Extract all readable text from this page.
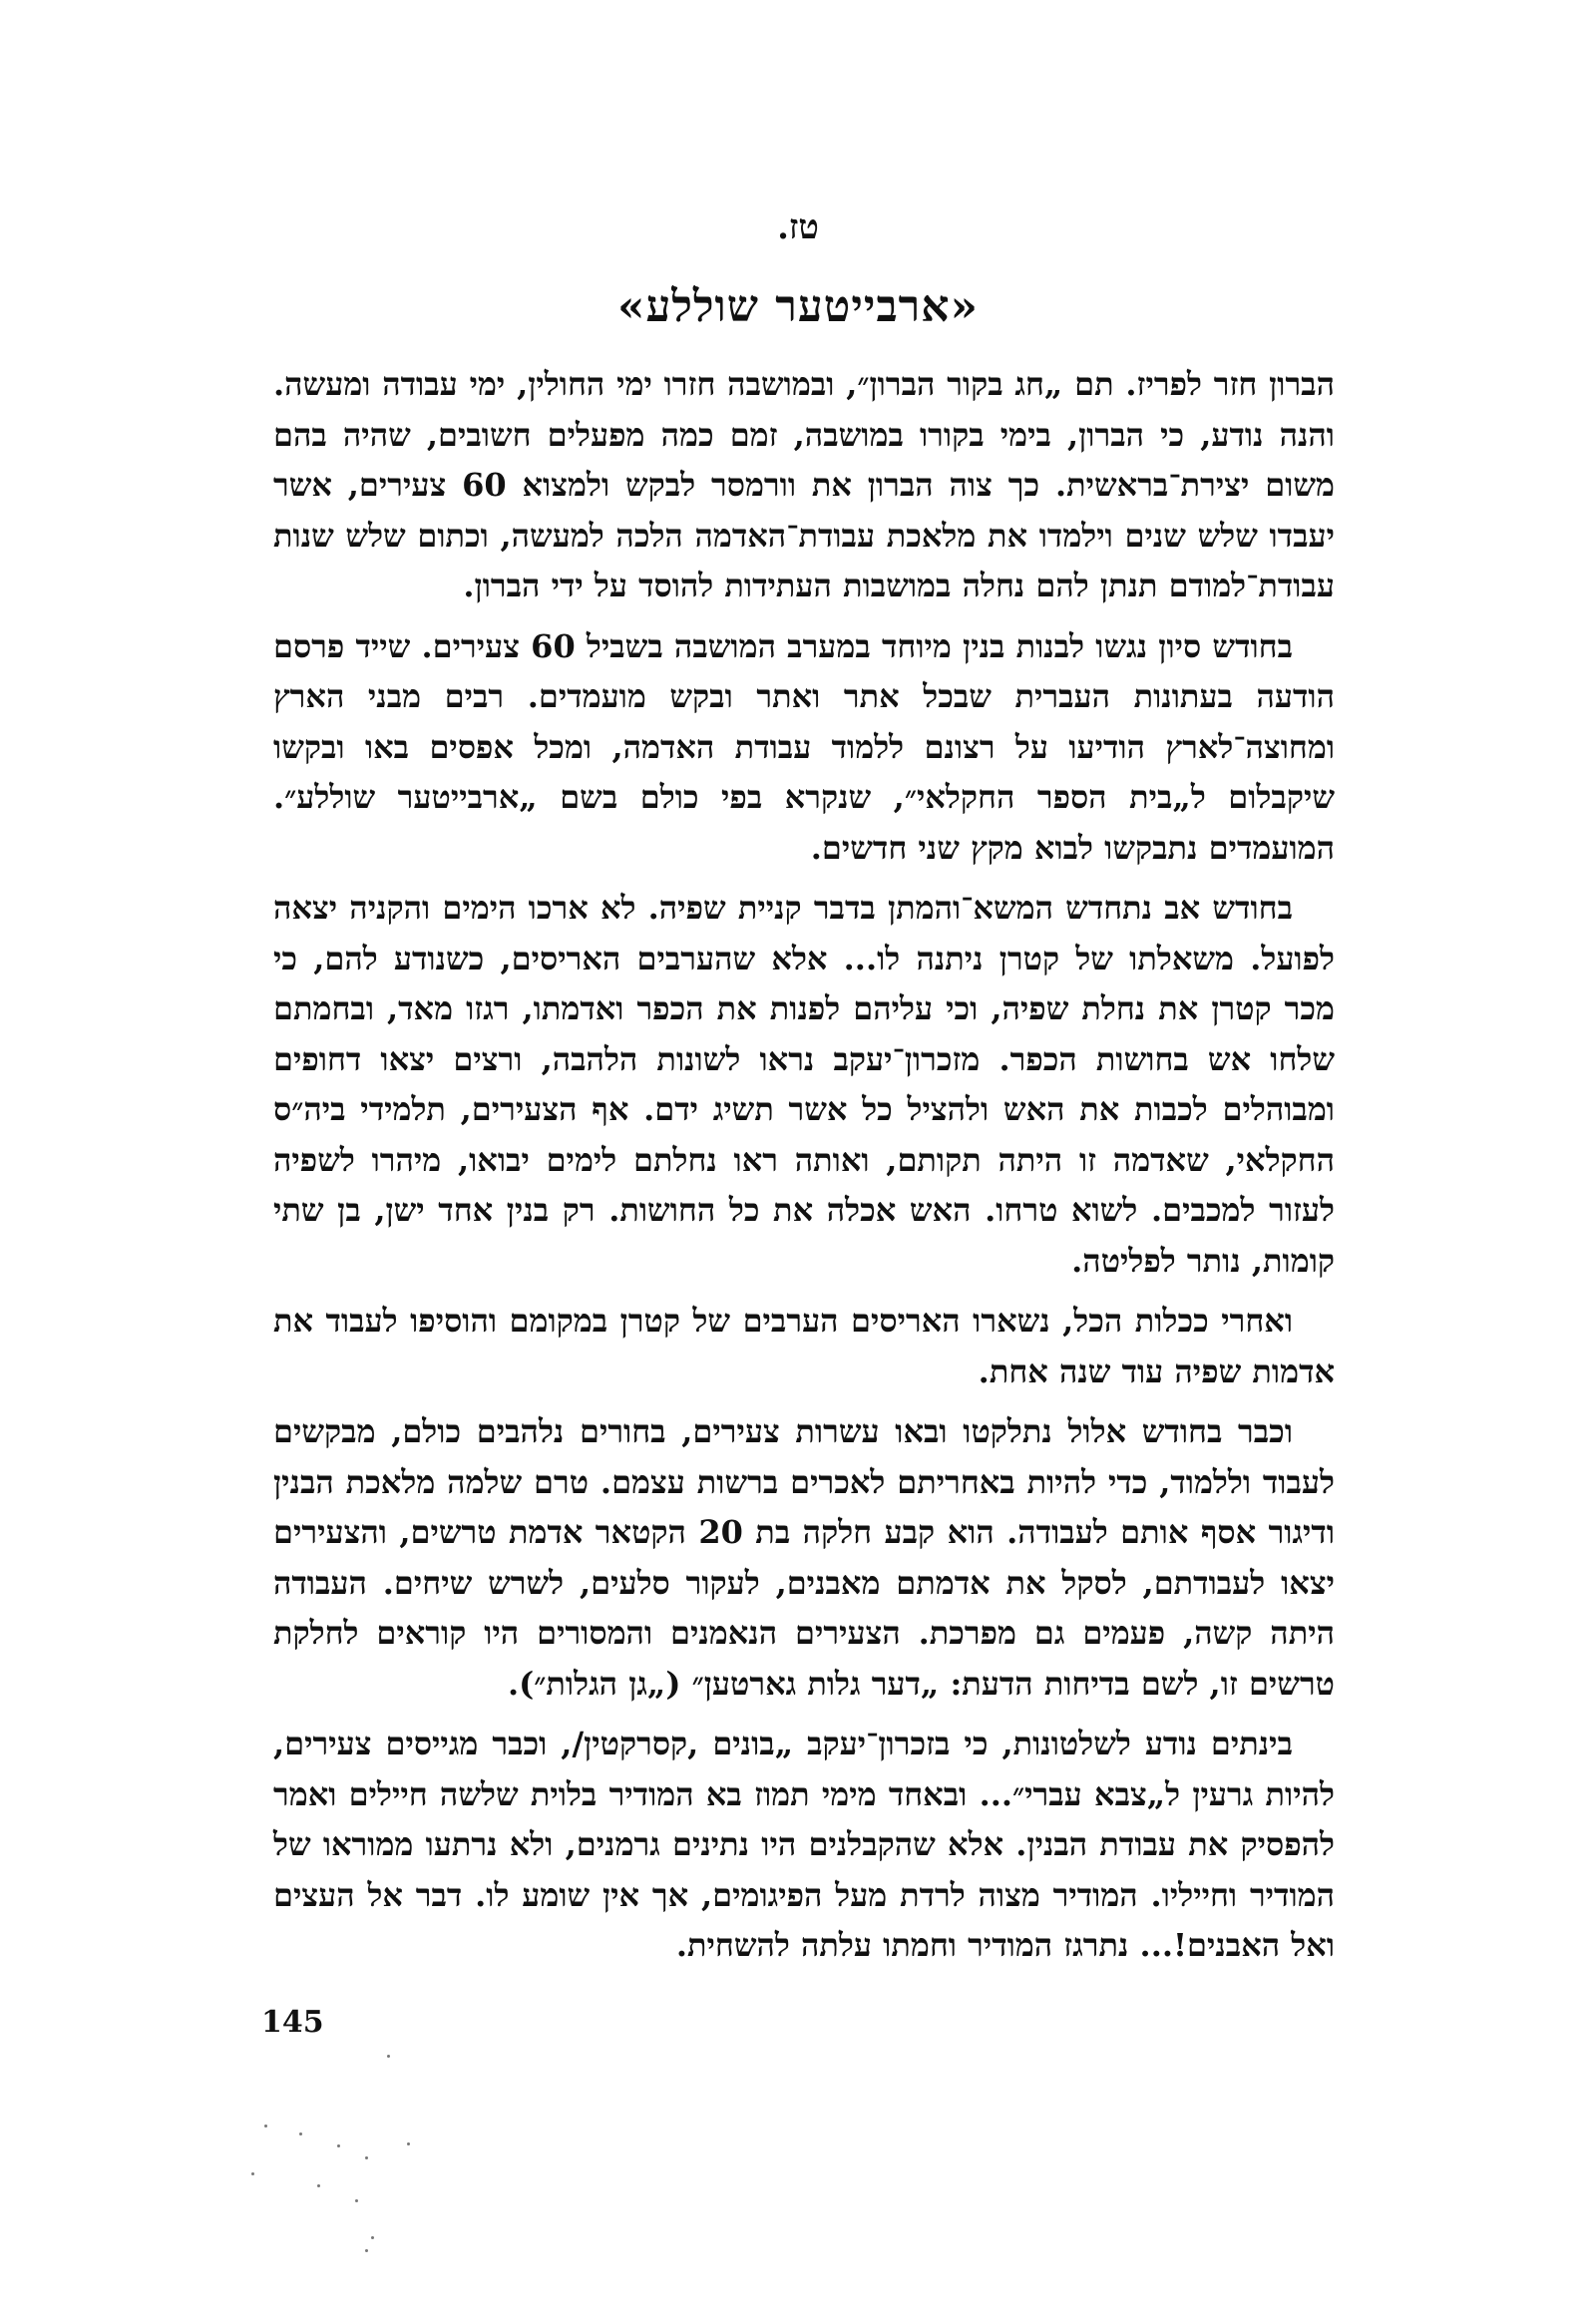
טז.
«ארבייטער שוללע»

הברון חזר לפריז. תם „חג בקור הברון״, ובמושבה חזרו ימי החולין, ימי עבודה ומעשה. והנה נודע, כי הברון, בימי בקורו במושבה, זמם כמה מפעלים חשובים, שהיה בהם משום יצירת־בראשית. כך צוה הברון את וורמסר לבקש ולמצוא 60 צעירים, אשר יעבדו שלש שנים וילמדו את מלאכת עבודת־האדמה הלכה למעשה, וכתום שלש שנות עבודת־למודם תנתן להם נחלה במושבות העתידות להוסד על ידי הברון.

בחודש סיון נגשו לבנות בנין מיוחד במערב המושבה בשביל 60 צעירים. שייד פרסם הודעה בעתונות העברית שבכל אתר ואתר ובקש מועמדים. רבים מבני הארץ ומחוצה־לארץ הודיעו על רצונם ללמוד עבודת האדמה, ומכל אפסים באו ובקשו שיקבלום ל„בית הספר החקלאי״, שנקרא בפי כולם בשם „ארבייטער שוללע״. המועמדים נתבקשו לבוא מקץ שני חדשים.

בחודש אב נתחדש המשא־והמתן בדבר קניית שפיה. לא ארכו הימים והקניה יצאה לפועל. משאלתו של קטרן ניתנה לו... אלא שהערבים האריסים, כשנודע להם, כי מכר קטרן את נחלת שפיה, וכי עליהם לפנות את הכפר ואדמתו, רגזו מאד, ובחמתם שלחו אש בחושות הכפר. מזכרון־יעקב נראו לשונות הלהבה, ורצים יצאו דחופים ומבוהלים לכבות את האש ולהציל כל אשר תשיג ידם. אף הצעירים, תלמידי ביה״ס החקלאי, שאדמה זו היתה תקותם, ואותה ראו נחלתם לימים יבואו, מיהרו לשפיה לעזור למכבים. לשוא טרחו. האש אכלה את כל החושות. רק בנין אחד ישן, בן שתי קומות, נותר לפליטה.

ואחרי ככלות הכל, נשארו האריסים הערבים של קטרן במקומם והוסיפו לעבוד את אדמות שפיה עוד שנה אחת.

וכבר בחודש אלול נתלקטו ובאו עשרות צעירים, בחורים נלהבים כולם, מבקשים לעבוד וללמוד, כדי להיות באחריתם לאכרים ברשות עצמם. טרם שלמה מלאכת הבנין ודיגור אסף אותם לעבודה. הוא קבע חלקה בת 20 הקטאר אדמת טרשים, והצעירים יצאו לעבודתם, לסקל את אדמתם מאבנים, לעקור סלעים, לשרש שיחים. העבודה היתה קשה, פעמים גם מפרכת. הצעירים הנאמנים והמסורים היו קוראים לחלקת טרשים זו, לשם בדיחות הדעת: „דער גלות גארטען״ („גן הגלות״).

בינתים נודע לשלטונות, כי בזכרון־יעקב „בונים ,קסרקטין/, וכבר מגייסים צעירים, להיות גרעין ל„צבא עברי״... ובאחד מימי תמוז בא המודיר בלוית שלשה חיילים ואמר להפסיק את עבודת הבנין. אלא שהקבלנים היו נתינים גרמנים, ולא נרתעו ממוראו של המודיר וחייליו. המודיר מצוה לרדת מעל הפיגומים, אך אין שומע לו. דבר אל העצים ואל האבנים!... נתרגז המודיר וחמתו עלתה להשחית.

145
